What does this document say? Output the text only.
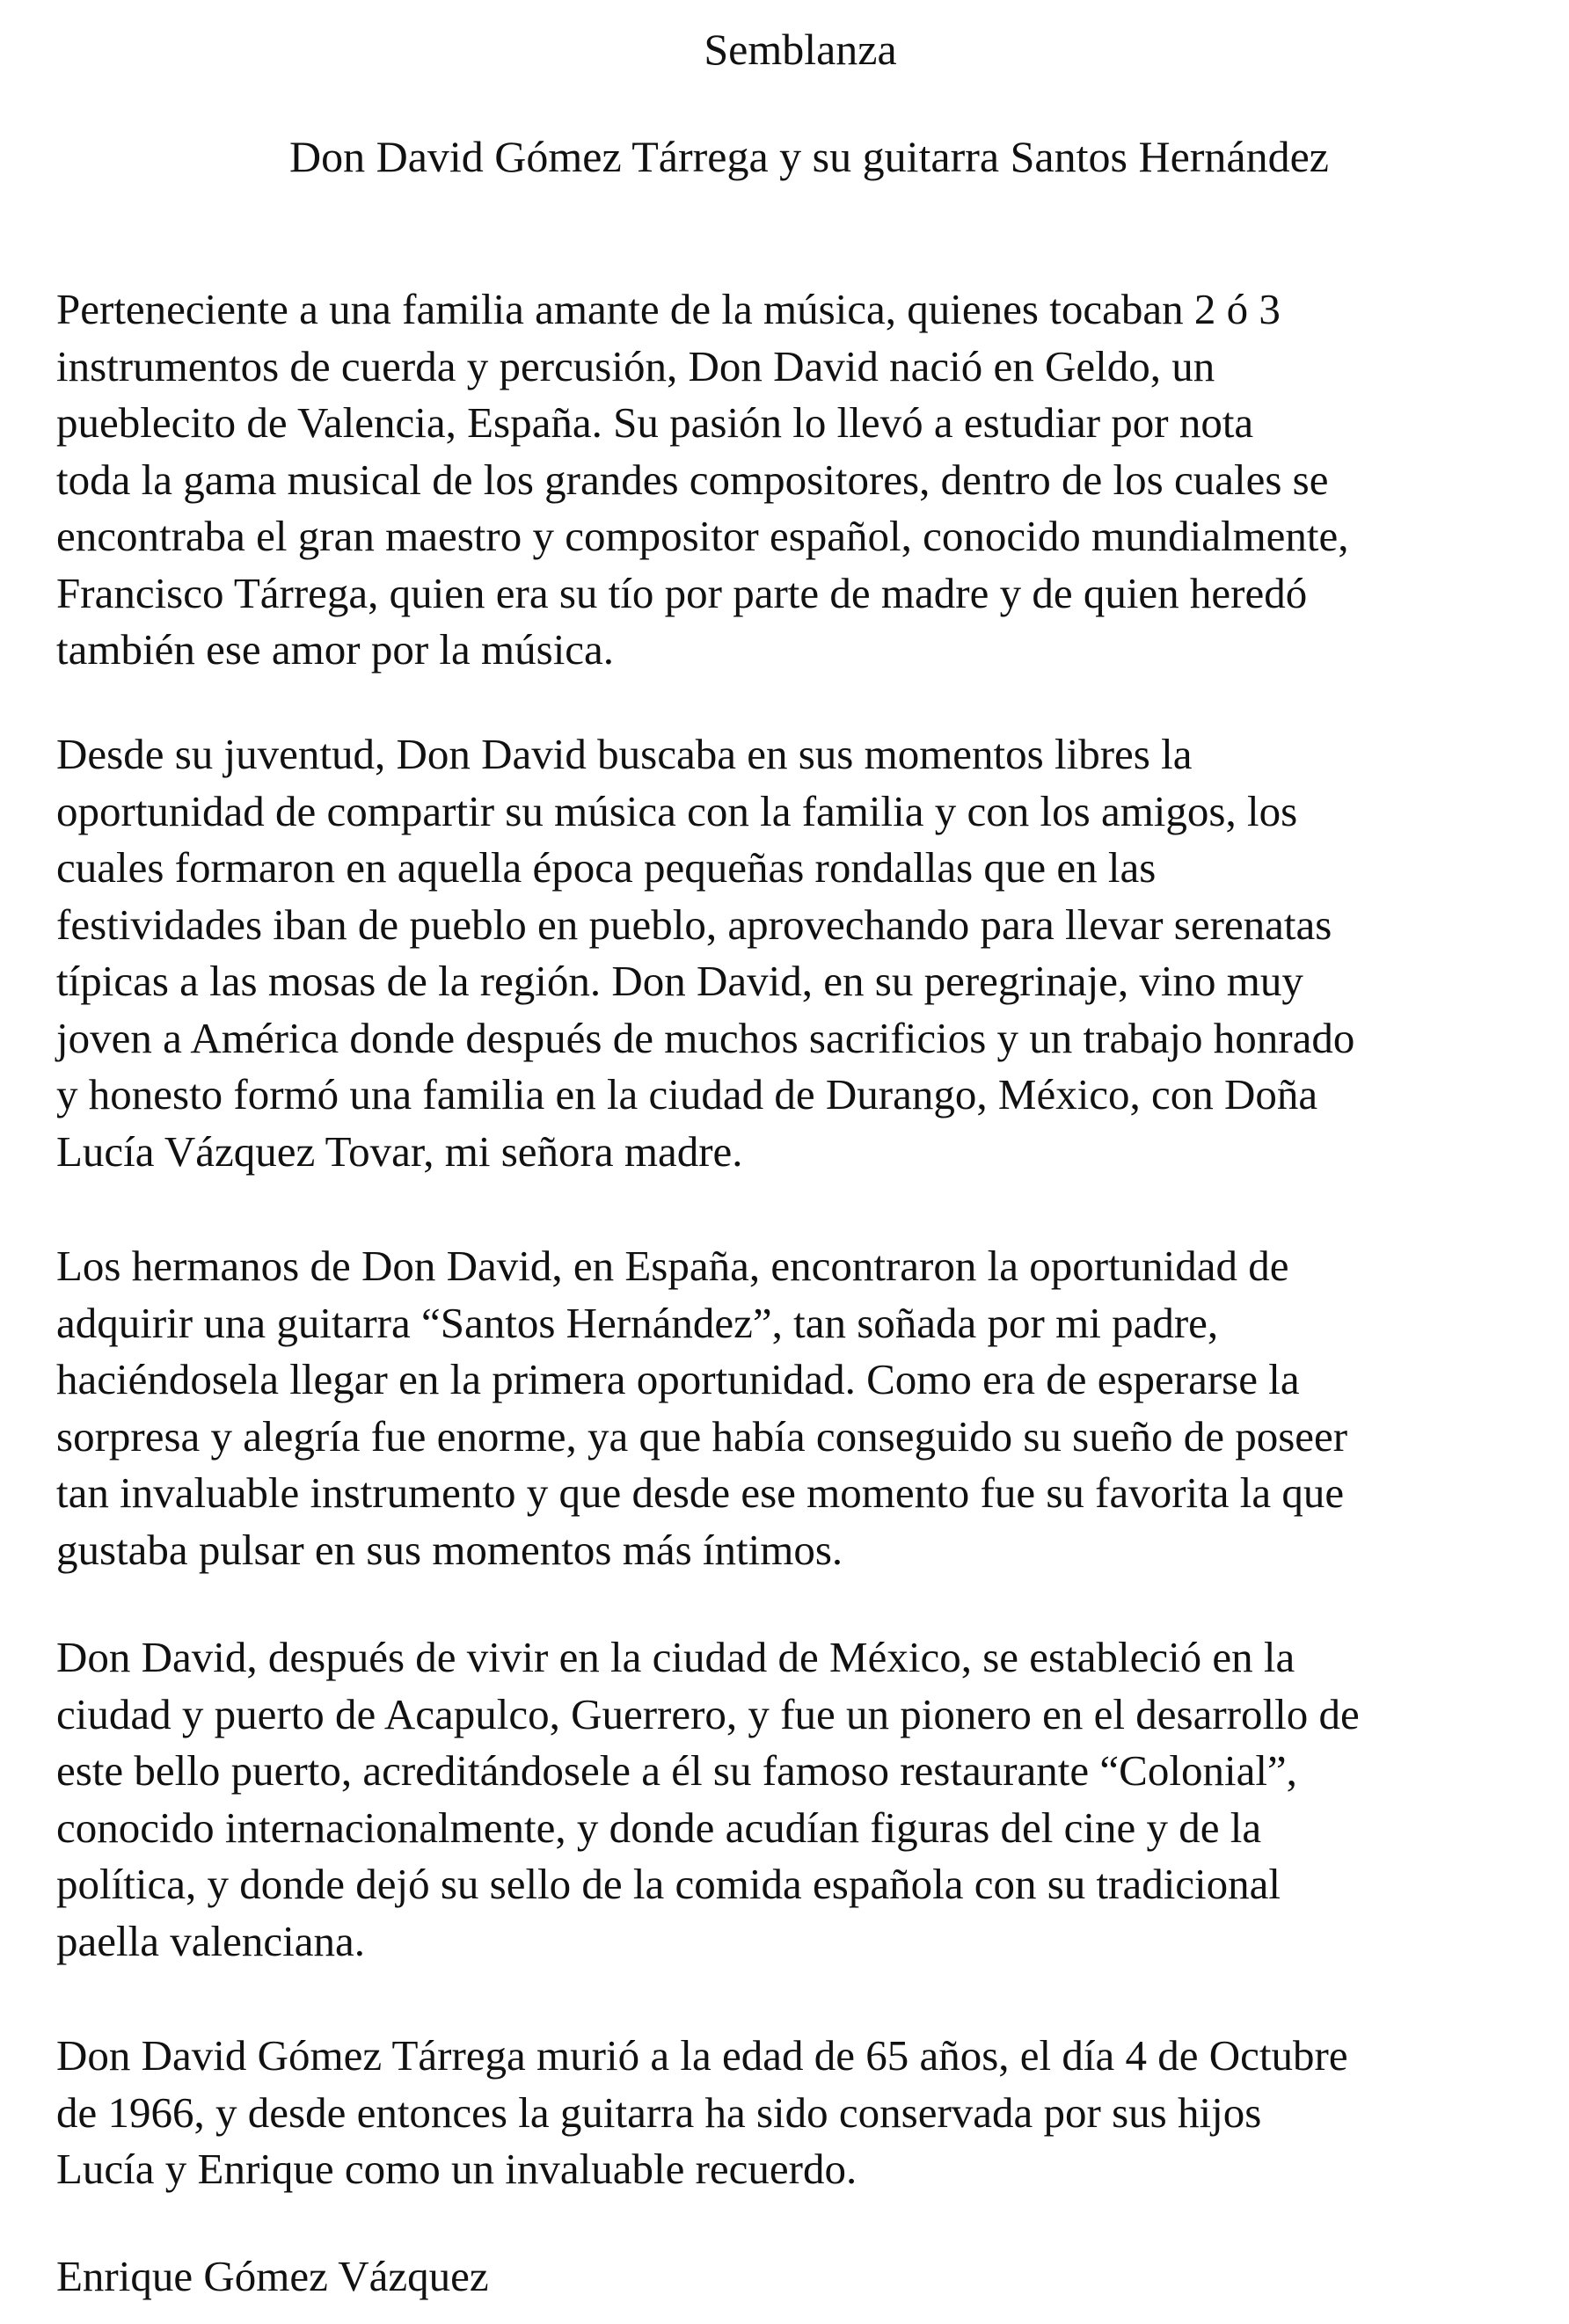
Semblanza
Don David Gómez Tárrega y su guitarra Santos Hernández

Perteneciente a una familia amante de la música, quienes tocaban 2 ó 3
instrumentos de cuerda y percusión, Don David nació en Geldo, un
pueblecito de Valencia, España. Su pasión lo llevó a estudiar por nota
toda la gama musical de los grandes compositores, dentro de los cuales se
encontraba el gran maestro y compositor español, conocido mundialmente,
Francisco Tárrega, quien era su tío por parte de madre y de quien heredó
también ese amor por la música.

Desde su juventud, Don David buscaba en sus momentos libres la
oportunidad de compartir su música con la familia y con los amigos, los
cuales formaron en aquella época pequeñas rondallas que en las
festividades iban de pueblo en pueblo, aprovechando para llevar serenatas
típicas a las mosas de la región. Don David, en su peregrinaje, vino muy
joven a América donde después de muchos sacrificios y un trabajo honrado
y honesto formó una familia en la ciudad de Durango, México, con Doña
Lucía Vázquez Tovar, mi señora madre.

Los hermanos de Don David, en España, encontraron la oportunidad de
adquirir una guitarra “Santos Hernández”, tan soñada por mi padre,
haciéndosela llegar en la primera oportunidad. Como era de esperarse la
sorpresa y alegría fue enorme, ya que había conseguido su sueño de poseer
tan invaluable instrumento y que desde ese momento fue su favorita la que
gustaba pulsar en sus momentos más íntimos.

Don David, después de vivir en la ciudad de México, se estableció en la
ciudad y puerto de Acapulco, Guerrero, y fue un pionero en el desarrollo de
este bello puerto, acreditándosele a él su famoso restaurante “Colonial”,
conocido internacionalmente, y donde acudían figuras del cine y de la
política, y donde dejó su sello de la comida española con su tradicional
paella valenciana.

Don David Gómez Tárrega murió a la edad de 65 años, el día 4 de Octubre
de 1966, y desde entonces la guitarra ha sido conservada por sus hijos
Lucía y Enrique como un invaluable recuerdo.

Enrique Gómez Vázquez
